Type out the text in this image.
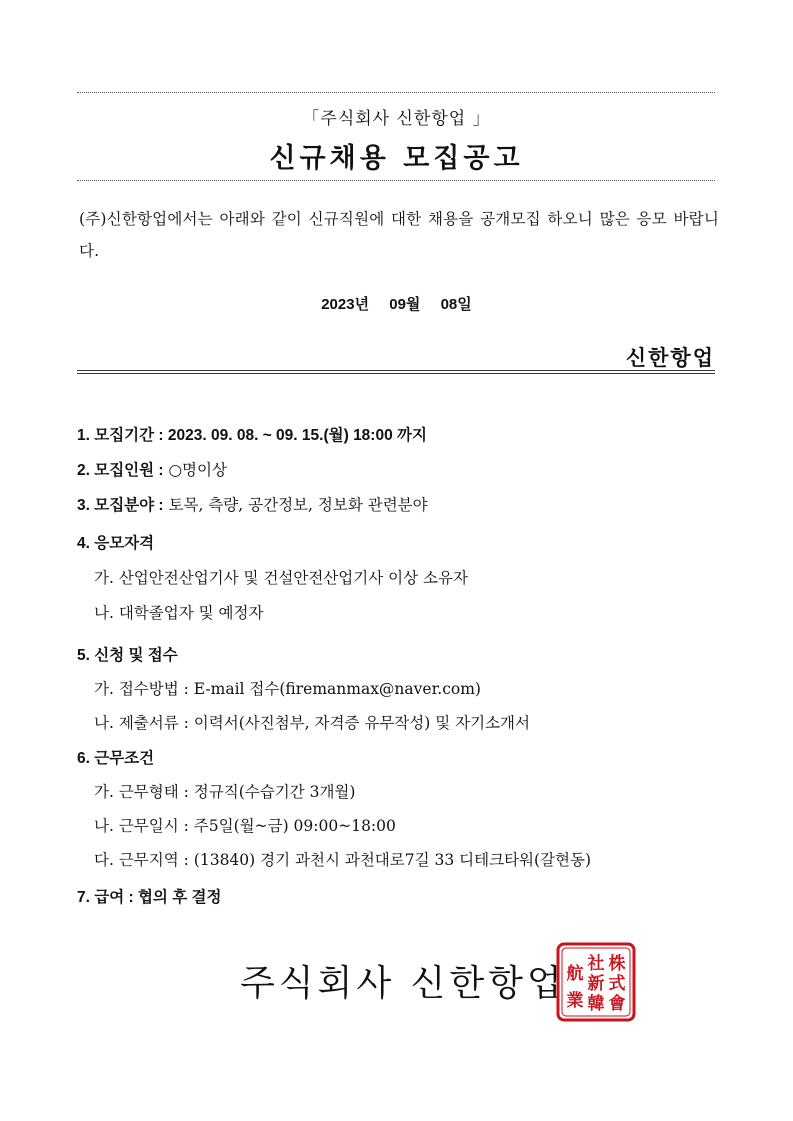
「주식회사 신한항업 」
신규채용 모집공고
(주)신한항업에서는 아래와 같이 신규직원에 대한 채용을 공개모집 하오니 많은 응모 바랍니다.
2023년 09월 08일
신한항업
1. 모집기간 : 2023. 09. 08. ~ 09. 15.(월) 18:00 까지
2. 모집인원 : ○명이상
3. 모집분야 : 토목, 측량, 공간정보, 정보화 관련분야
4. 응모자격
가. 산업안전산업기사 및 건설안전산업기사 이상 소유자
나. 대학졸업자 및 예정자
5. 신청 및 접수
가. 접수방법 : E-mail 접수(firemanmax@naver.com)
나. 제출서류 : 이력서(사진첨부, 자격증 유무작성) 및 자기소개서
6. 근무조건
가. 근무형태 : 정규직(수습기간 3개월)
나. 근무일시 : 주5일(월~금) 09:00~18:00
다. 근무지역 : (13840) 경기 과천시 과천대로7길 33 디테크타워(갈현동)
7. 급여 : 협의 후 결정
주식회사 신한항업	株
式
會
社
新
韓
航
業
